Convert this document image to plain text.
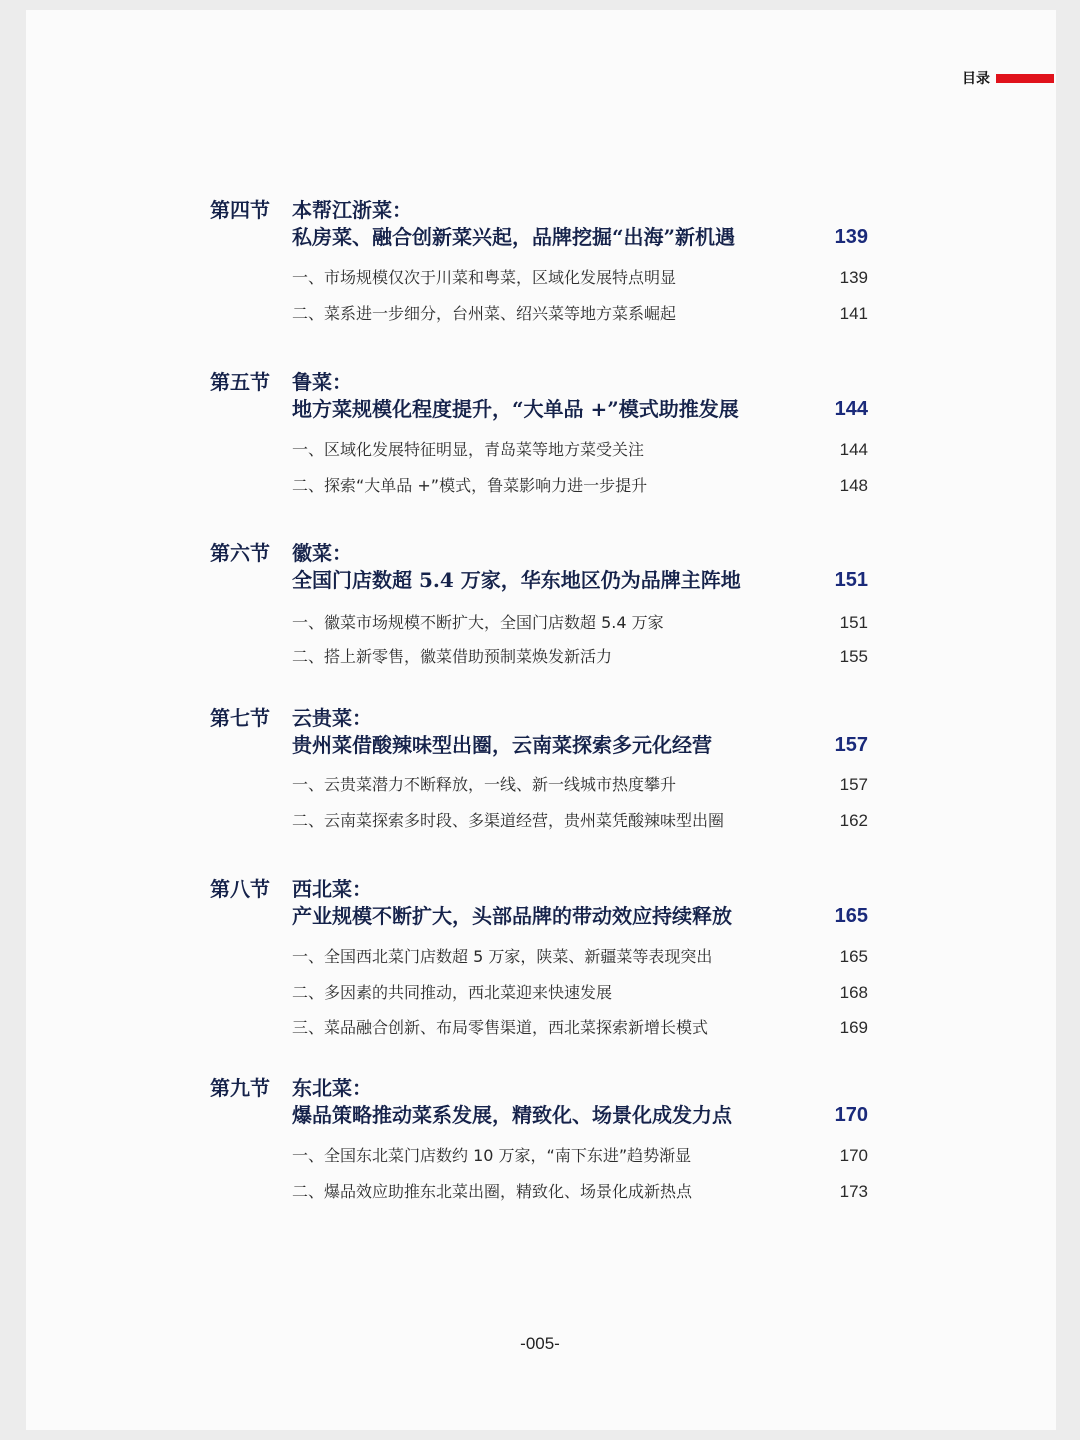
目录
第四节 本帮江浙菜：
私房菜、融合创新菜兴起，品牌挖掘“出海”新机遇	139
一、市场规模仅次于川菜和粤菜，区域化发展特点明显	139
二、菜系进一步细分，台州菜、绍兴菜等地方菜系崛起	141
第五节 鲁菜：
地方菜规模化程度提升，“大单品 +”模式助推发展	144
一、区域化发展特征明显，青岛菜等地方菜受关注	144
二、探索“大单品 +”模式，鲁菜影响力进一步提升	148
第六节 徽菜：
全国门店数超 5.4 万家，华东地区仍为品牌主阵地	151
一、徽菜市场规模不断扩大，全国门店数超 5.4 万家	151
二、搭上新零售，徽菜借助预制菜焕发新活力	155
第七节 云贵菜：
贵州菜借酸辣味型出圈，云南菜探索多元化经营	157
一、云贵菜潜力不断释放，一线、新一线城市热度攀升	157
二、云南菜探索多时段、多渠道经营，贵州菜凭酸辣味型出圈	162
第八节 西北菜：
产业规模不断扩大，头部品牌的带动效应持续释放	165
一、全国西北菜门店数超 5 万家，陕菜、新疆菜等表现突出	165
二、多因素的共同推动，西北菜迎来快速发展	168
三、菜品融合创新、布局零售渠道，西北菜探索新增长模式	169
第九节 东北菜：
爆品策略推动菜系发展，精致化、场景化成发力点	170
一、全国东北菜门店数约 10 万家，“南下东进”趋势渐显	170
二、爆品效应助推东北菜出圈，精致化、场景化成新热点	173
-005-
